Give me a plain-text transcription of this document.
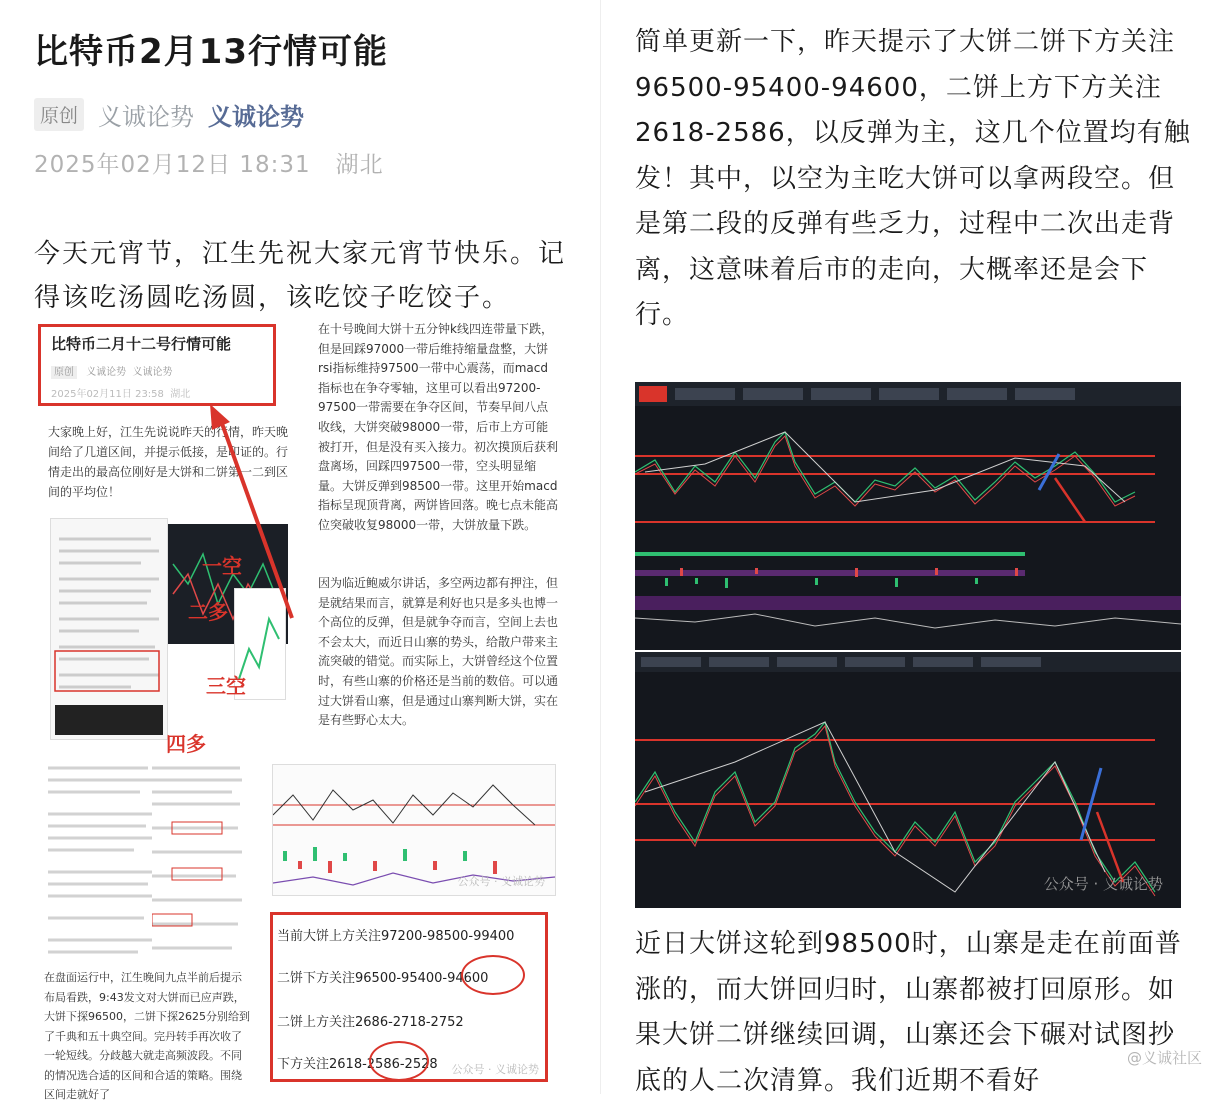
比特币2月13行情可能
原创 义诚论势 义诚论势
2025年02月12日 18:31 湖北
今天元宵节，江生先祝大家元宵节快乐。记得该吃汤圆吃汤圆，该吃饺子吃饺子。
比特币二月十二号行情可能
原创 义诚论势 义诚论势
2025年02月11日 23:58 湖北
在十号晚间大饼十五分钟k线四连带量下跌，但是回踩97000一带后维持缩量盘整，大饼rsi指标维持97500一带中心震荡，而macd指标也在争夺零轴，这里可以看出97200-97500一带需要在争夺区间，节奏早间八点收线，大饼突破98000一带，后市上方可能被打开，但是没有买入接力。初次摸顶后获利盘离场，回踩四97500一带，空头明显缩量。大饼反弹到98500一带。这里开始macd指标呈现顶背离，两饼皆回落。晚七点未能高位突破收复98000一带，大饼放量下跌。
因为临近鲍威尔讲话，多空两边都有押注，但是就结果而言，就算是利好也只是多头也博一个高位的反弹，但是就争夺而言，空间上去也不会太大，而近日山寨的势头，给散户带来主流突破的错觉。而实际上，大饼曾经这个位置时，有些山寨的价格还是当前的数倍。可以通过大饼看山寨，但是通过山寨判断大饼，实在是有些野心太大。
大家晚上好，江生先说说昨天的行情，昨天晚间给了几道区间，并提示低接，是印证的。行情走出的最高位刚好是大饼和二饼第一二到区间的平均位！
一空
二多
三空
四多
在盘面运行中，江生晚间九点半前后提示布局看跌，9:43发文对大饼而已应声跌，大饼下探96500，二饼下探2625分别给到了千典和五十典空间。完丹转手再次收了一轮短线。分歧越大就走高频波段。不同的情况选合适的区间和合适的策略。围绕区间走就好了
公众号 · 义诚论势
当前大饼上方关注97200-98500-99400
二饼下方关注96500-95400-94600
二饼上方关注2686-2718-2752
下方关注2618-2586-2528 公众号 · 义诚论势
简单更新一下，昨天提示了大饼二饼下方关注96500-95400-94600，二饼上方下方关注2618-2586，以反弹为主，这几个位置均有触发！其中，以空为主吃大饼可以拿两段空。但是第二段的反弹有些乏力，过程中二次出走背离，这意味着后市的走向，大概率还是会下行。
公众号 · 义诚论势
近日大饼这轮到98500时，山寨是走在前面普涨的，而大饼回归时，山寨都被打回原形。如果大饼二饼继续回调，山寨还会下碾对试图抄底的人二次清算。我们近期不看好
@义诚社区
